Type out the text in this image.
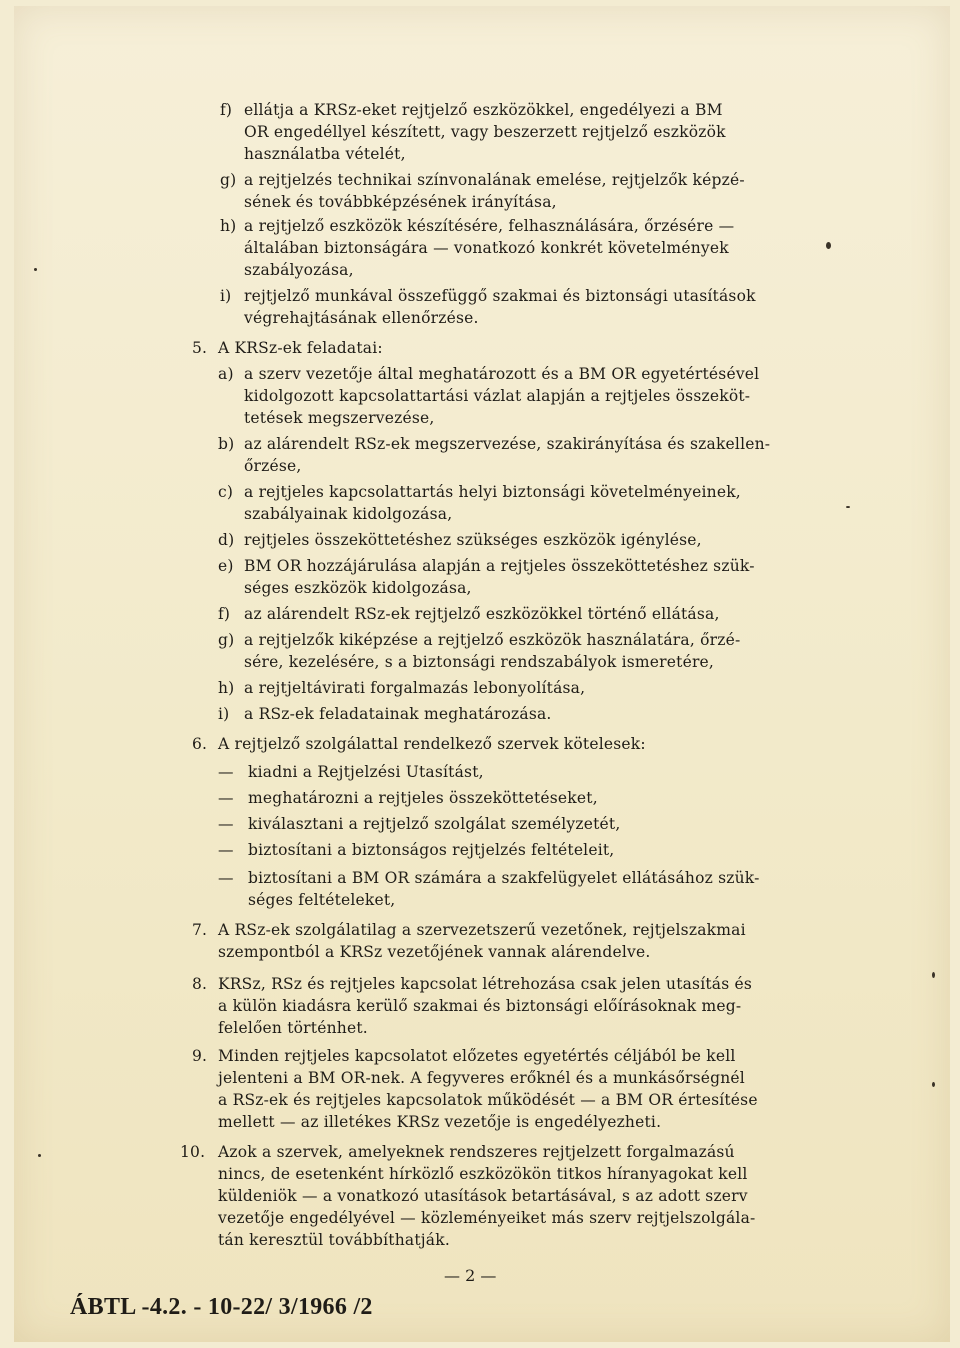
f) ellátja a KRSz-eket rejtjelző eszközökkel, engedélyezi a BM
OR engedéllyel készített, vagy beszerzett rejtjelző eszközök
használatba vételét,
g) a rejtjelzés technikai színvonalának emelése, rejtjelzők képzé-
sének és továbbképzésének irányítása,
h) a rejtjelző eszközök készítésére, felhasználására, őrzésére —
általában biztonságára — vonatkozó konkrét követelmények
szabályozása,
i) rejtjelző munkával összefüggő szakmai és biztonsági utasítások
végrehajtásának ellenőrzése.
5. A KRSz-ek feladatai:
a) a szerv vezetője által meghatározott és a BM OR egyetértésével
kidolgozott kapcsolattartási vázlat alapján a rejtjeles összeköt-
tetések megszervezése,
b) az alárendelt RSz-ek megszervezése, szakirányítása és szakellen-
őrzése,
c) a rejtjeles kapcsolattartás helyi biztonsági követelményeinek,
szabályainak kidolgozása,
d) rejtjeles összeköttetéshez szükséges eszközök igénylése,
e) BM OR hozzájárulása alapján a rejtjeles összeköttetéshez szük-
séges eszközök kidolgozása,
f) az alárendelt RSz-ek rejtjelző eszközökkel történő ellátása,
g) a rejtjelzők kiképzése a rejtjelző eszközök használatára, őrzé-
sére, kezelésére, s a biztonsági rendszabályok ismeretére,
h) a rejtjeltávirati forgalmazás lebonyolítása,
i) a RSz-ek feladatainak meghatározása.
6. A rejtjelző szolgálattal rendelkező szervek kötelesek:
— kiadni a Rejtjelzési Utasítást,
— meghatározni a rejtjeles összeköttetéseket,
— kiválasztani a rejtjelző szolgálat személyzetét,
— biztosítani a biztonságos rejtjelzés feltételeit,
— biztosítani a BM OR számára a szakfelügyelet ellátásához szük-
séges feltételeket,
7. A RSz-ek szolgálatilag a szervezetszerű vezetőnek, rejtjelszakmai
szempontból a KRSz vezetőjének vannak alárendelve.
8. KRSz, RSz és rejtjeles kapcsolat létrehozása csak jelen utasítás és
a külön kiadásra kerülő szakmai és biztonsági előírásoknak meg-
felelően történhet.
9. Minden rejtjeles kapcsolatot előzetes egyetértés céljából be kell
jelenteni a BM OR-nek. A fegyveres erőknél és a munkásőrségnél
a RSz-ek és rejtjeles kapcsolatok működését — a BM OR értesítése
mellett — az illetékes KRSz vezetője is engedélyezheti.
10. Azok a szervek, amelyeknek rendszeres rejtjelzett forgalmazású
nincs, de esetenként hírközlő eszközökön titkos híranyagokat kell
küldeniök — a vonatkozó utasítások betartásával, s az adott szerv
vezetője engedélyével — közleményeiket más szerv rejtjelszolgála-
tán keresztül továbbíthatják.
— 2 —
ÁBTL -4.2. - 10-22/ 3/1966 /2
